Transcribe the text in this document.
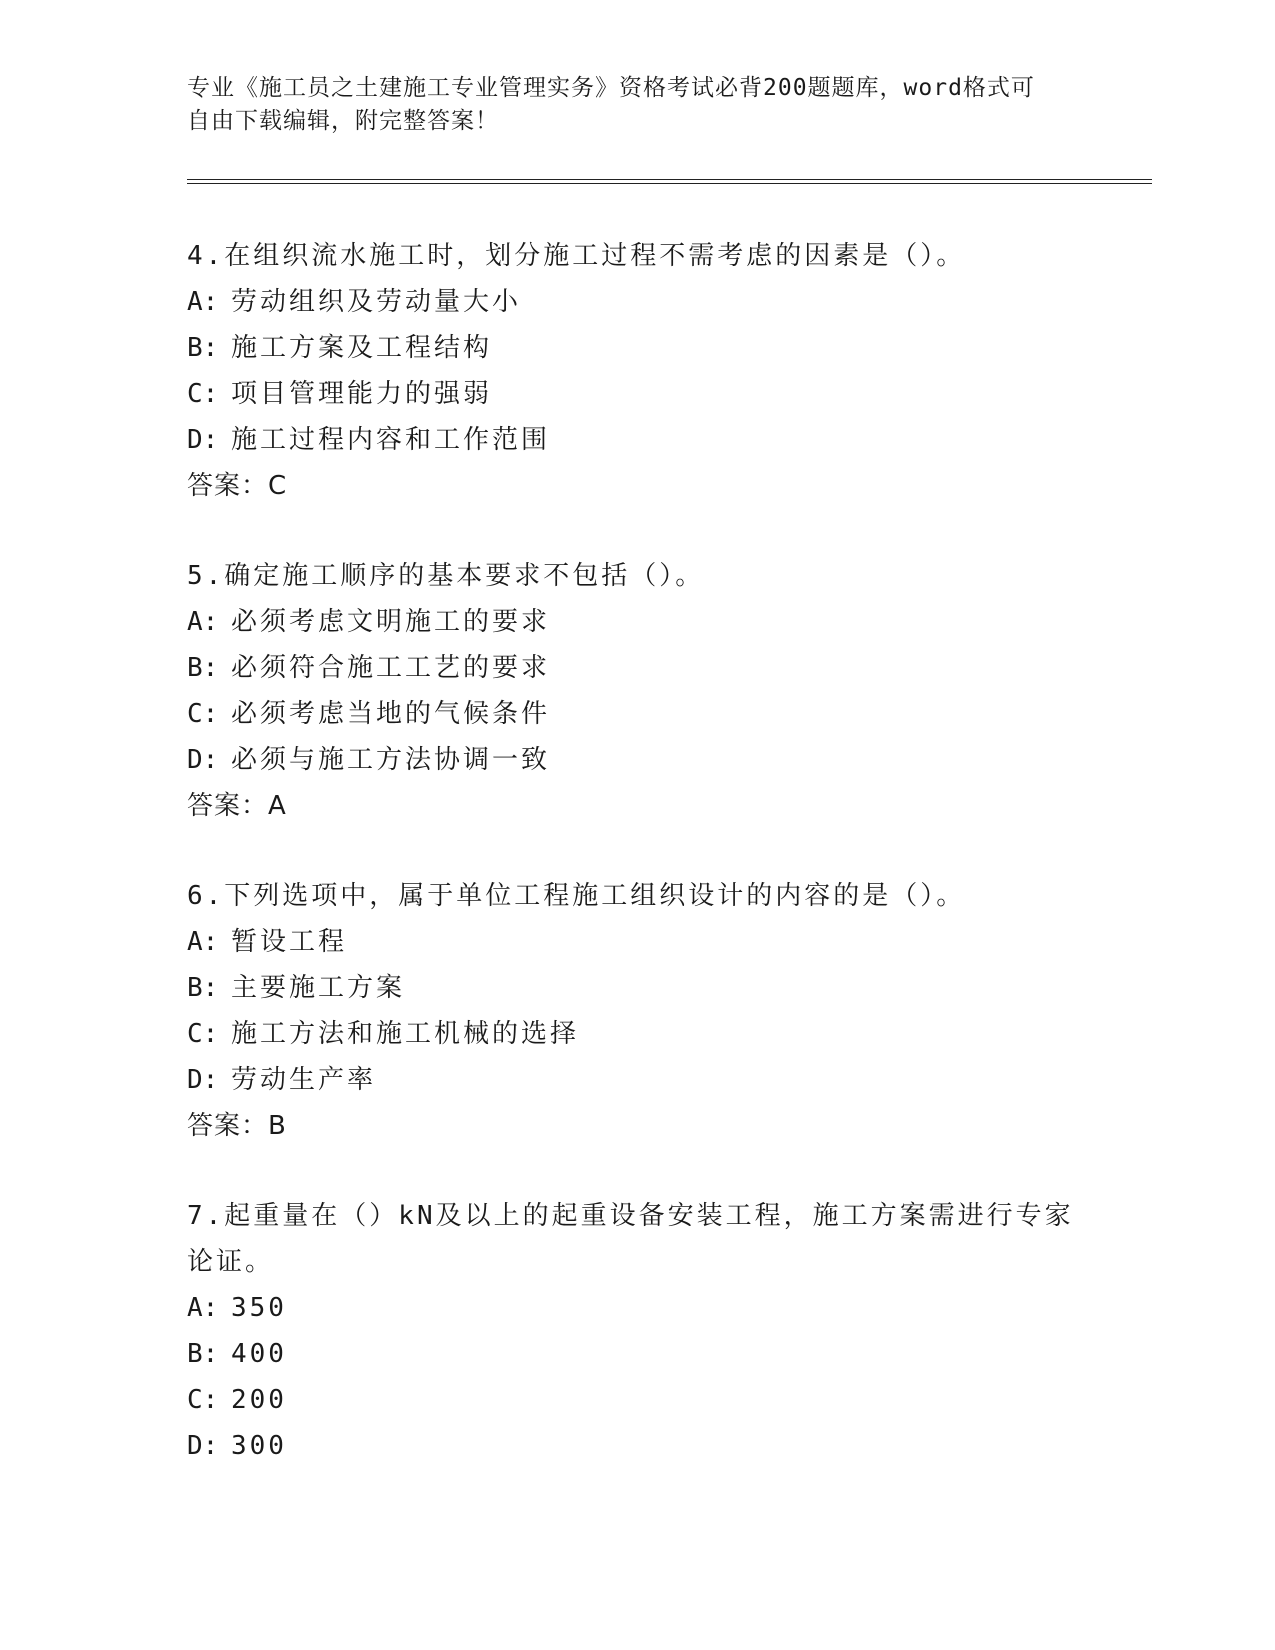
专业《施工员之土建施工专业管理实务》资格考试必背200题题库，word格式可
自由下载编辑，附完整答案！
4.在组织流水施工时，划分施工过程不需考虑的因素是（）。
A: 劳动组织及劳动量大小
B: 施工方案及工程结构
C: 项目管理能力的强弱
D: 施工过程内容和工作范围
答案：C
5.确定施工顺序的基本要求不包括（）。
A: 必须考虑文明施工的要求
B: 必须符合施工工艺的要求
C: 必须考虑当地的气候条件
D: 必须与施工方法协调一致
答案：A
6.下列选项中，属于单位工程施工组织设计的内容的是（）。
A: 暂设工程
B: 主要施工方案
C: 施工方法和施工机械的选择
D: 劳动生产率
答案：B
7.起重量在（）kN及以上的起重设备安装工程，施工方案需进行专家
论证。
A: 350
B: 400
C: 200
D: 300
